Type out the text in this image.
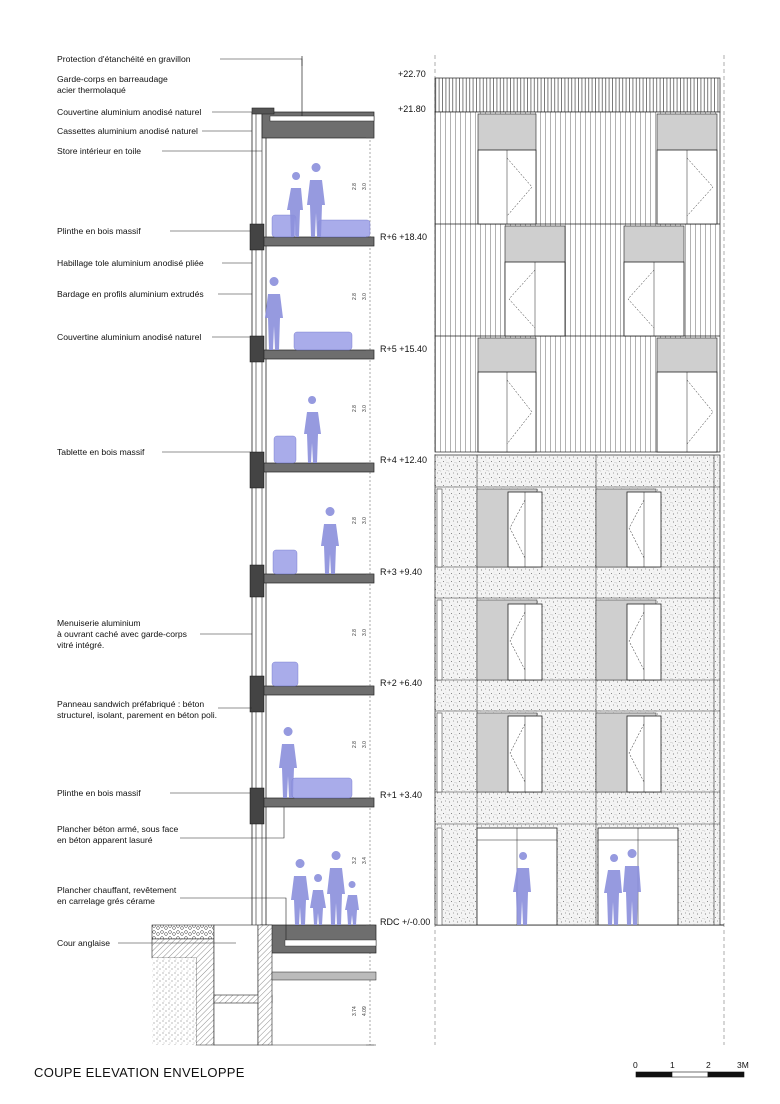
2.8 3.0
2.8 3.0
2.8 3.0
2.8 3.0
2.8 3.0
2.8 3.0
3.2 3.4
3.74 4.09
Protection d'étanchéité en gravillon
Garde-corps en barreaudage
acier thermolaqué
Couvertine aluminium anodisé naturel
Cassettes aluminium anodisé naturel
Store intérieur en toile
Plinthe en bois massif
Habillage tole aluminium anodisé pliée
Bardage en profils aluminium extrudés
Couvertine aluminium anodisé naturel
Tablette en bois massif
Menuiserie aluminium
à ouvrant caché avec garde-corps
vitré intégré.
Panneau sandwich préfabriqué : béton
structurel, isolant, parement en béton poli.
Plinthe en bois massif
Plancher béton armé, sous face
en béton apparent lasuré
Plancher chauffant, revêtement
en carrelage grés cérame
Cour anglaise
+22.70
+21.80
R+6 +18.40
R+5 +15.40
R+4 +12.40
R+3 +9.40
R+2 +6.40
R+1 +3.40
RDC +/-0.00
COUPE ELEVATION ENVELOPPE	0	1	2	3M
